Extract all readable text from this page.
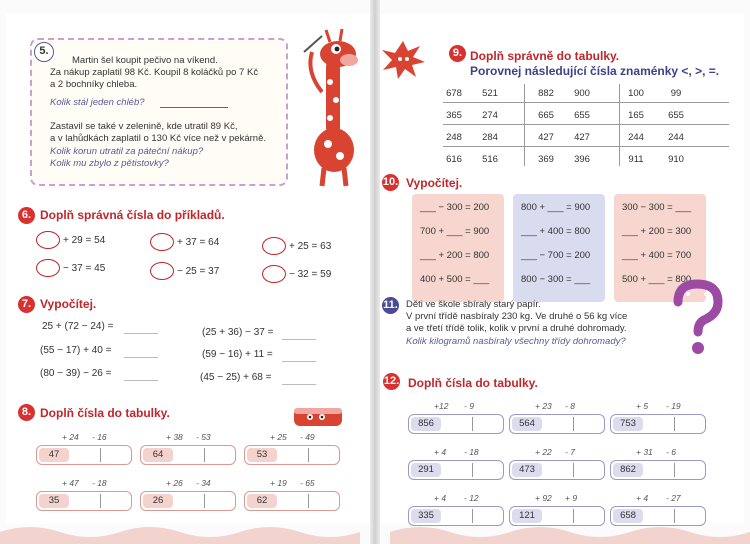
5.
Martin šel koupit pečivo na víkend.
Za nákup zaplatil 98 Kč. Koupil 8 koláčků po 7 Kč
a 2 bochníky chleba.
Kolik stál jeden chléb?
Zastavil se také v zelenině, kde utratil 89 Kč,
a v lahůdkách zaplatil o 130 Kč více než v pekárně.
Kolik korun utratil za páteční nákup?
Kolik mu zbylo z pětistovky?
6. Doplň správná čísla do příkladů.
+ 29 = 54	+ 37 = 64	+ 25 = 63
− 37 = 45	− 25 = 37	− 32 = 59
7. Vypočítej.
25 + (72 − 24) =
(25 + 36) − 37 =
(55 − 17) + 40 =	(59 − 16) + 11 =
(80 − 39) − 26 =	(45 − 25) + 68 =
8. Doplň čísla do tabulky.
+ 24 - 16
47
+ 38 - 53
64
+ 25 - 49
53
+ 47 - 18
35
+ 26 - 34
26
+ 19 - 65
62
9. Doplň správně do tabulky.
Porovnej následující čísla znaménky <, >, =.
678	521	882	900	100	99
365	274	665	655	165	655
248	284	427	427	244	244
616	516	369	396	911	910
10. Vypočítej.
___ − 300 = 200
700 + ___ = 900
___ + 200 = 800
400 + 500 = ___
800 + ___ = 900
___ + 400 = 800
___ − 700 = 200
800 − 300 = ___
300 − 300 = ___
___ + 200 = 300
___ + 400 = 700
500 + ___ = 800
11. Děti ve škole sbíraly starý papír.
V první třídě nasbíraly 230 kg. Ve druhé o 56 kg více
a ve třetí třídě tolik, kolik v první a druhé dohromady.
Kolik kilogramů nasbíraly všechny třídy dohromady?
12. Doplň čísla do tabulky.
+12 - 9
856
+ 23 - 8
564
+ 5 - 19
753
+ 4 - 18
291
+ 22 - 7
473
+ 31 - 6
862
+ 4 - 12
335
+ 92 + 9
121
+ 4 - 27
658
